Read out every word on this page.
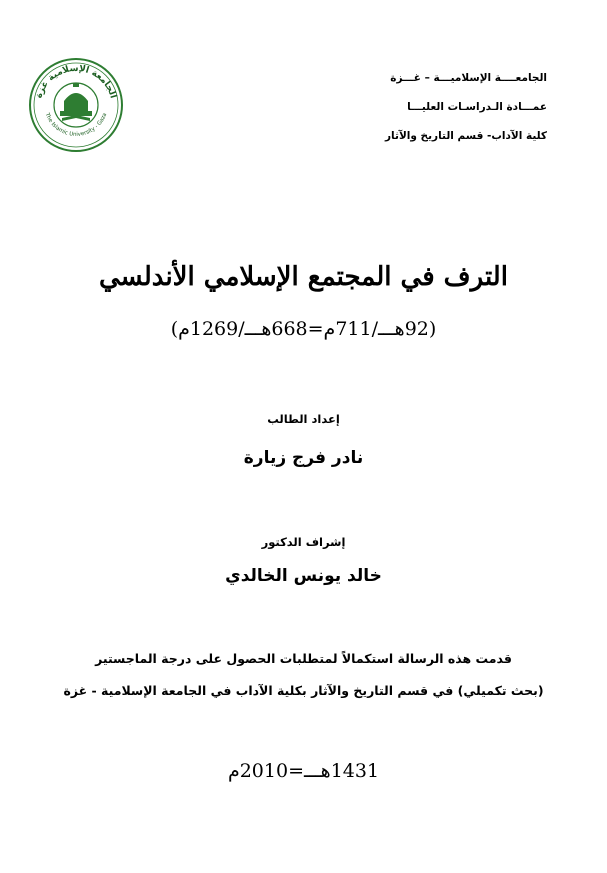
الجامعــــة الإسلاميـــة – غـــزة
عمـــادة الـدراسـات العليـــا
كلية الآداب- قسم التاريخ والآثار
الجامعة الإسلامية غزة
The Islamic University - Gaza
الترف في المجتمع الإسلامي الأندلسي
(92هـــ/711م=668هـــ/1269م)
إعداد الطالب
نادر فرج زيارة
إشراف الدكتور
خالد يونس الخالدي
قدمت هذه الرسالة استكمالاً لمتطلبات الحصول على درجة الماجستير
(بحث تكميلي) في قسم التاريخ والآثار بكلية الآداب في الجامعة الإسلامية - غزة
1431هـــ=2010م
